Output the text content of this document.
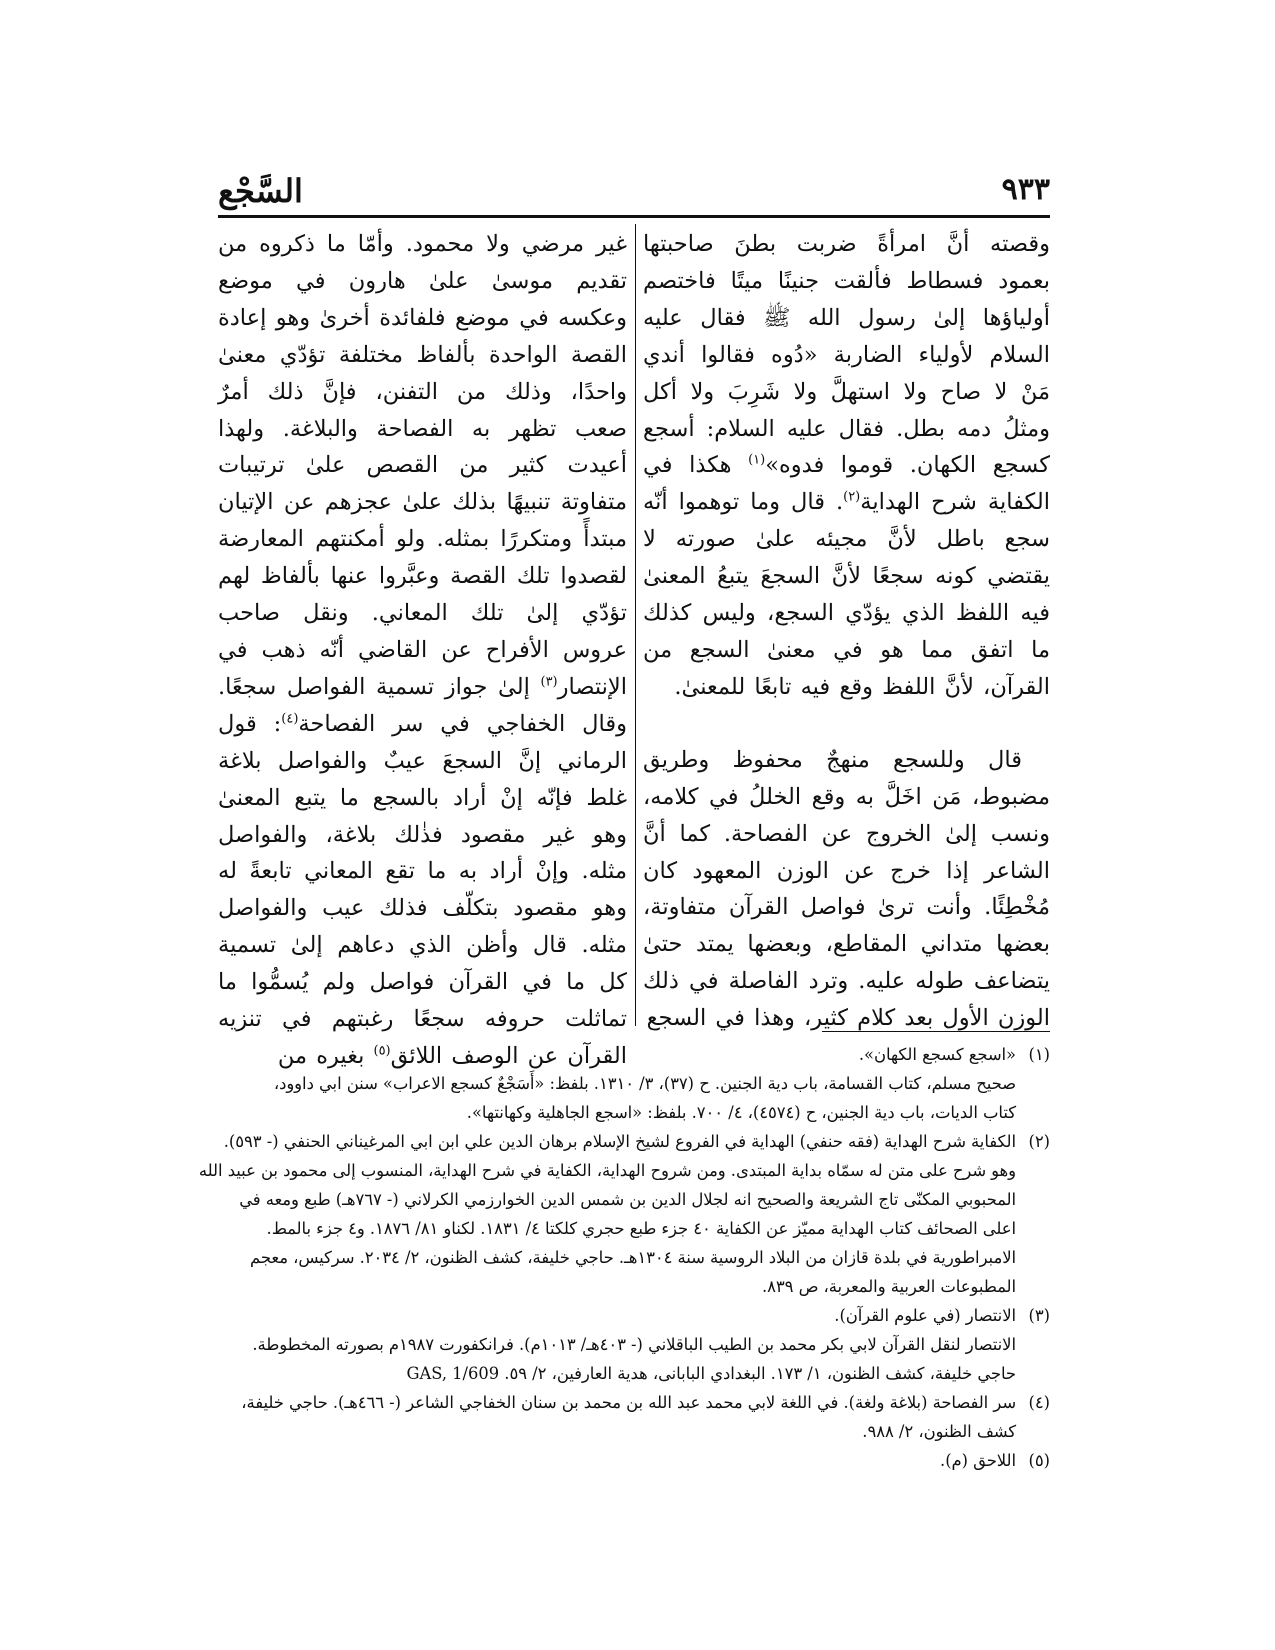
٩٣٣
السَّجْع

وقصته أنَّ امرأةً ضربت بطنَ صاحبتها بعمود فسطاط فألقت جنينًا ميتًا فاختصم أولياؤها إلىٰ رسول الله ﷺ فقال عليه السلام لأولياء الضاربة «دُوه فقالوا أندي مَنْ لا صاح ولا استهلَّ ولا شَرِبَ ولا أكل ومثلُ دمه بطل. فقال عليه السلام: أسجع كسجع الكهان. قوموا فدوه»$^{(١)}$ هكذا في الكفاية شرح الهداية$^{(٢)}$. قال وما توهموا أنّه سجع باطل لأنَّ مجيئه علىٰ صورته لا يقتضي كونه سجعًا لأنَّ السجعَ يتبعُ المعنىٰ فيه اللفظ الذي يؤدّي السجع، وليس كذلك ما اتفق مما هو في معنىٰ السجع من القرآن، لأنَّ اللفظ وقع فيه تابعًا للمعنىٰ.

قال وللسجع منهجٌ محفوظ وطريق مضبوط، مَن اخَلَّ به وقع الخللُ في كلامه، ونسب إلىٰ الخروج عن الفصاحة. كما أنَّ الشاعر إذا خرج عن الوزن المعهود كان مُخْطِئًا. وأنت ترىٰ فواصل القرآن متفاوتة، بعضها متداني المقاطع، وبعضها يمتد حتىٰ يتضاعف طوله عليه. وترد الفاصلة في ذلك الوزن الأول بعد كلام كثير، وهذا في السجع

غير مرضي ولا محمود. وأمّا ما ذكروه من تقديم موسىٰ علىٰ هارون في موضع وعكسه في موضع فلفائدة أخرىٰ وهو إعادة القصة الواحدة بألفاظ مختلفة تؤدّي معنىٰ واحدًا، وذلك من التفنن، فإنَّ ذلك أمرٌ صعب تظهر به الفصاحة والبلاغة. ولهذا أعيدت كثير من القصص علىٰ ترتيبات متفاوتة تنبيهًا بذلك علىٰ عجزهم عن الإتيان مبتدأً ومتكررًا بمثله. ولو أمكنتهم المعارضة لقصدوا تلك القصة وعبَّروا عنها بألفاظ لهم تؤدّي إلىٰ تلك المعاني. ونقل صاحب عروس الأفراح عن القاضي أنّه ذهب في الإنتصار$^{(٣)}$ إلىٰ جواز تسمية الفواصل سجعًا. وقال الخفاجي في سر الفصاحة$^{(٤)}$: قول الرماني إنَّ السجعَ عيبٌ والفواصل بلاغة غلط فإنّه إنْ أراد بالسجع ما يتبع المعنىٰ وهو غير مقصود فذٰلك بلاغة، والفواصل مثله. وإنْ أراد به ما تقع المعاني تابعةً له وهو مقصود بتكلّف فذلك عيب والفواصل مثله. قال وأظن الذي دعاهم إلىٰ تسمية كل ما في القرآن فواصل ولم يُسمُّوا ما تماثلت حروفه سجعًا رغبتهم في تنزيه القرآن عن الوصف اللائق$^{(٥)}$ بغيره من	(١)
«اسجع كسجع الكهان».
صحيح مسلم، كتاب القسامة، باب دية الجنين. ح (٣٧)، ٣/ ١٣١٠. بلفظ: «أَسَجْعٌ كسجع الاعراب» سنن ابي داوود،
كتاب الديات، باب دية الجنين، ح (٤٥٧٤)، ٤/ ٧٠٠. بلفظ: «اسجع الجاهلية وكهانتها».
(٢)
الكفاية شرح الهداية (فقه حنفي) الهداية في الفروع لشيخ الإسلام برهان الدين علي ابن ابي المرغيناني الحنفي (- ٥٩٣).
وهو شرح على متن له سمّاه بداية المبتدى. ومن شروح الهداية، الكفاية في شرح الهداية، المنسوب إلى محمود بن عبيد الله
المحبوبي المكنّى تاج الشريعة والصحيح انه لجلال الدين بن شمس الدين الخوارزمي الكرلاني (- ٧٦٧هـ) طبع ومعه في
اعلى الصحائف كتاب الهداية مميّز عن الكفاية ٤٠ جزء طبع حجري كلكتا ٤/ ١٨٣١. لكناو ٨١/ ١٨٧٦. و٤ جزء بالمط.
الامبراطورية في بلدة قازان من البلاد الروسية سنة ١٣٠٤هـ. حاجي خليفة، كشف الظنون، ٢/ ٢٠٣٤. سركيس، معجم
المطبوعات العربية والمعربة، ص ٨٣٩.
(٣)
الانتصار (في علوم القرآن).
الانتصار لنقل القرآن لابي بكر محمد بن الطيب الباقلاني (- ٤٠٣هـ/ ١٠١٣م). فرانكفورت ١٩٨٧م بصورته المخطوطة.
حاجي خليفة، كشف الظنون، ١/ ١٧٣. البغدادي البابانى، هدية العارفين، ٢/ ٥٩. GAS, 1/609
(٤)
سر الفصاحة (بلاغة ولغة). في اللغة لابي محمد عبد الله بن محمد بن سنان الخفاجي الشاعر (- ٤٦٦هـ). حاجي خليفة،
كشف الظنون، ٢/ ٩٨٨.
(٥)
اللاحق (م).
